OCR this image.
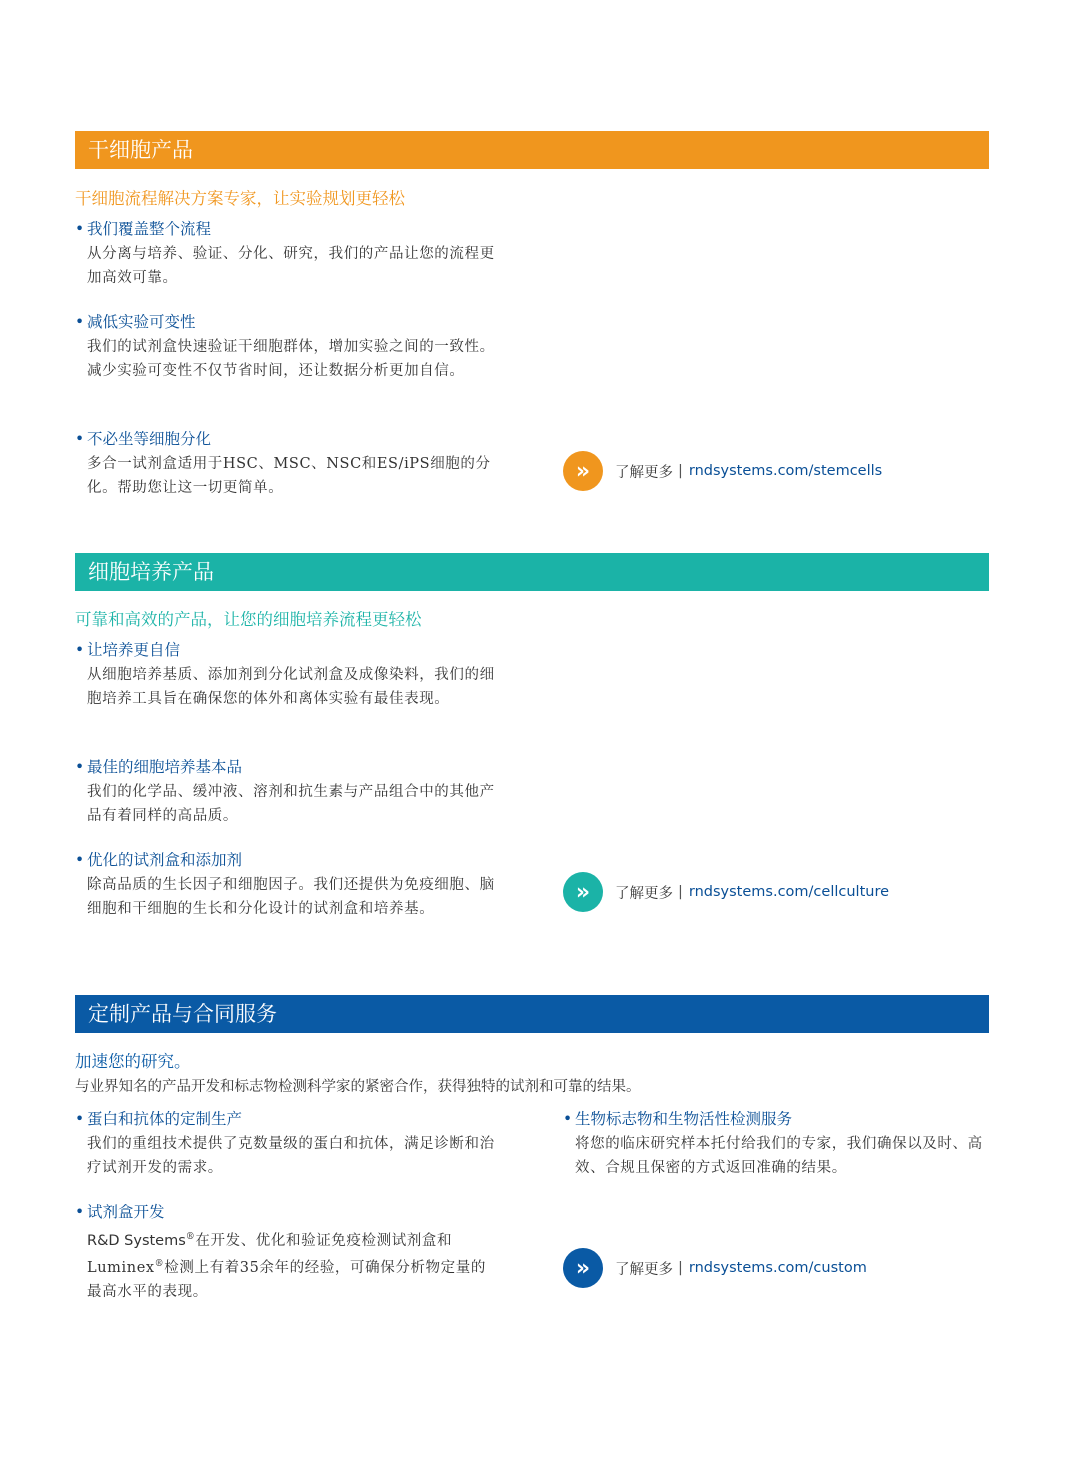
干细胞产品
干细胞流程解决方案专家，让实验规划更轻松
• 我们覆盖整个流程
从分离与培养、验证、分化、研究，我们的产品让您的流程更加高效可靠。
• 减低实验可变性
我们的试剂盒快速验证干细胞群体，增加实验之间的一致性。减少实验可变性不仅节省时间，还让数据分析更加自信。
• 不必坐等细胞分化
多合一试剂盒适用于HSC、MSC、NSC和ES/iPS细胞的分化。帮助您让这一切更简单。
»	了解更多 | rndsystems.com/stemcells
细胞培养产品
可靠和高效的产品，让您的细胞培养流程更轻松
• 让培养更自信
从细胞培养基质、添加剂到分化试剂盒及成像染料，我们的细胞培养工具旨在确保您的体外和离体实验有最佳表现。
• 最佳的细胞培养基本品
我们的化学品、缓冲液、溶剂和抗生素与产品组合中的其他产品有着同样的高品质。
• 优化的试剂盒和添加剂
除高品质的生长因子和细胞因子。我们还提供为免疫细胞、脑细胞和干细胞的生长和分化设计的试剂盒和培养基。
»	了解更多 | rndsystems.com/cellculture
定制产品与合同服务
加速您的研究。
与业界知名的产品开发和标志物检测科学家的紧密合作，获得独特的试剂和可靠的结果。
• 蛋白和抗体的定制生产
我们的重组技术提供了克数量级的蛋白和抗体，满足诊断和治疗试剂开发的需求。
• 生物标志物和生物活性检测服务
将您的临床研究样本托付给我们的专家，我们确保以及时、高效、合规且保密的方式返回准确的结果。
• 试剂盒开发
R&D Systems®在开发、优化和验证免疫检测试剂盒和Luminex®检测上有着35余年的经验，可确保分析物定量的最高水平的表现。
»	了解更多 | rndsystems.com/custom
